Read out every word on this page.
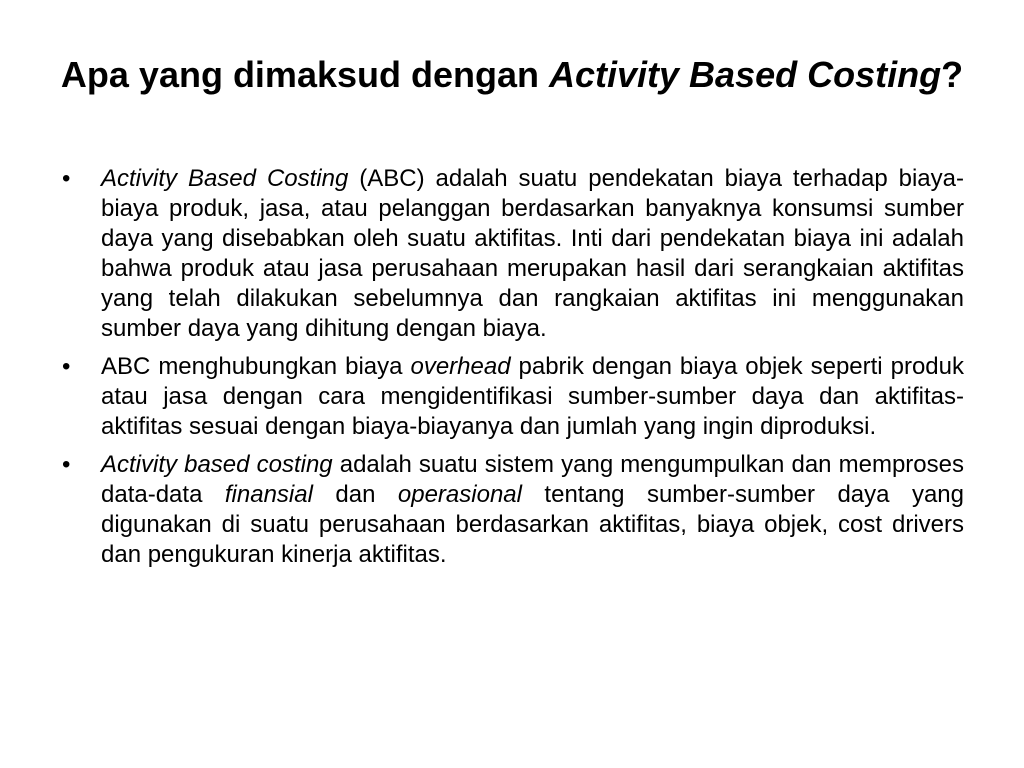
Apa yang dimaksud dengan Activity Based Costing?
• Activity Based Costing (ABC) adalah suatu pendekatan biaya terhadap biaya-biaya produk, jasa, atau pelanggan berdasarkan banyaknya konsumsi sumber daya yang disebabkan oleh suatu aktifitas. Inti dari pendekatan biaya ini adalah bahwa produk atau jasa perusahaan merupakan hasil dari serangkaian aktifitas yang telah dilakukan sebelumnya dan rangkaian aktifitas ini menggunakan sumber daya yang dihitung dengan biaya.
• ABC menghubungkan biaya overhead pabrik dengan biaya objek seperti produk atau jasa dengan cara mengidentifikasi sumber-sumber daya dan aktifitas-aktifitas sesuai dengan biaya-biayanya dan jumlah yang ingin diproduksi.
• Activity based costing adalah suatu sistem yang mengumpulkan dan memproses data-data finansial dan operasional tentang sumber-sumber daya yang digunakan di suatu perusahaan berdasarkan aktifitas, biaya objek, cost drivers dan pengukuran kinerja aktifitas.
